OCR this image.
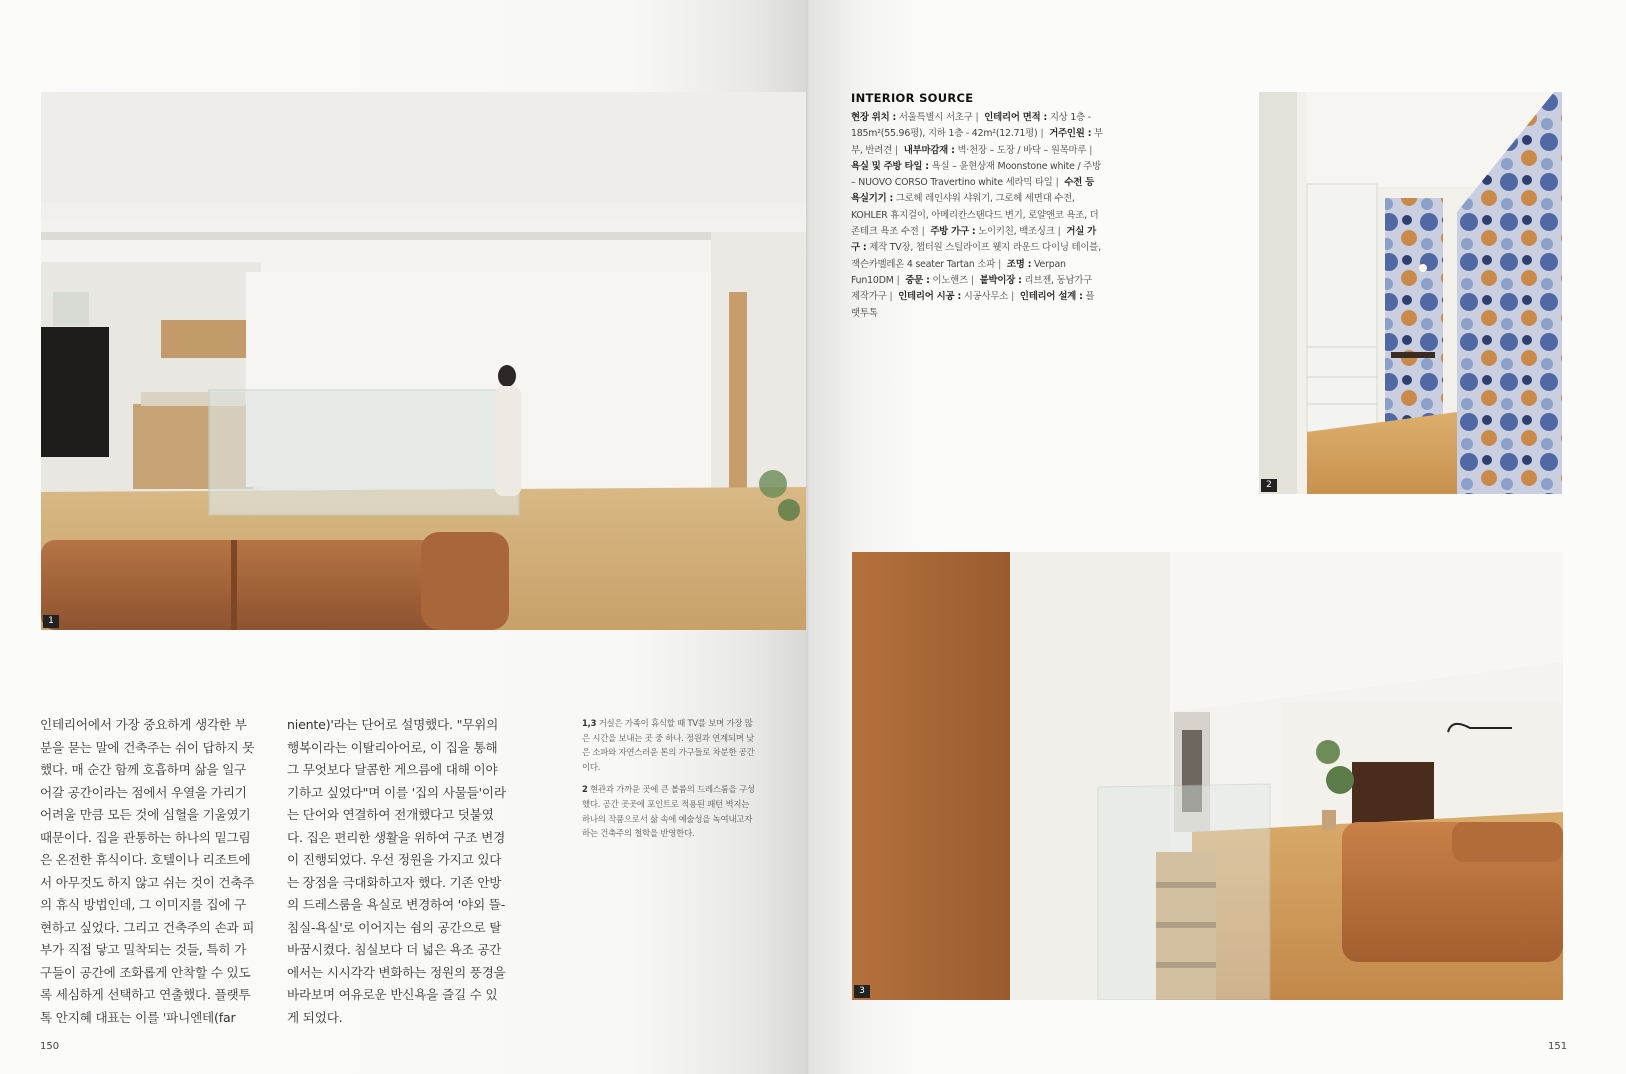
1

인테리어에서 가장 중요하게 생각한 부분을 묻는 말에 건축주는 쉬이 답하지 못했다. 매 순간 함께 호흡하며 삶을 일구어갈 공간이라는 점에서 우열을 가리기 어려울 만큼 모든 것에 심혈을 기울였기 때문이다. 집을 관통하는 하나의 밑그림은 온전한 휴식이다. 호텔이나 리조트에서 아무것도 하지 않고 쉬는 것이 건축주의 휴식 방법인데, 그 이미지를 집에 구현하고 싶었다. 그리고 건축주의 손과 피부가 직접 닿고 밀착되는 것들, 특히 가구들이 공간에 조화롭게 안착할 수 있도록 세심하게 선택하고 연출했다. 플랫투톡 안지혜 대표는 이를 '파니엔테(far

niente)'라는 단어로 설명했다. "무위의 행복이라는 이탈리아어로, 이 집을 통해 그 무엇보다 달콤한 게으름에 대해 이야기하고 싶었다"며 이를 '집의 사물들'이라는 단어와 연결하여 전개했다고 덧붙였다. 집은 편리한 생활을 위하여 구조 변경이 진행되었다. 우선 정원을 가지고 있다는 장점을 극대화하고자 했다. 기존 안방의 드레스룸을 욕실로 변경하여 '야외 뜰-침실-욕실'로 이어지는 쉼의 공간으로 탈바꿈시켰다. 침실보다 더 넓은 욕조 공간에서는 시시각각 변화하는 정원의 풍경을 바라보며 여유로운 반신욕을 즐길 수 있게 되었다.

1,3 거실은 가족이 휴식할 때 TV를 보며 가장 많은 시간을 보내는 곳 중 하나. 정원과 연계되며 낮은 소파와 자연스러운 톤의 가구들로 차분한 공간이다.

2 현관과 가까운 곳에 큰 볼륨의 드레스룸을 구성했다. 공간 곳곳에 포인트로 적용된 패턴 벽지는 하나의 작품으로서 삶 속에 예술성을 녹여내고자 하는 건축주의 철학을 반영한다.

150
INTERIOR SOURCE
현장 위치 : 서울특별시 서초구 | 인테리어 면적 : 지상 1층 - 185m²(55.96평), 지하 1층 - 42m²(12.71평) | 거주인원 : 부부, 반려견 | 내부마감재 : 벽·천장 – 도장 / 바닥 – 원목마루 | 욕실 및 주방 타일 : 욕실 – 윤현상재 Moonstone white / 주방 – NUOVO CORSO Travertino white 세라믹 타일 | 수전 등 욕실기기 : 그로헤 레인샤워 샤워기, 그로헤 세면대 수전, KOHLER 휴지걸이, 아메리칸스탠다드 변기, 로얄앤코 욕조, 더존테크 욕조 수전 | 주방 가구 : 노이키친, 백조싱크 | 거실 가구 : 제작 TV장, 챕터원 스틸라이프 웻지 라운드 다이닝 테이블, 잭슨카멜레온 4 seater Tartan 소파 | 조명 : Verpan Fun10DM | 중문 : 이노핸즈 | 붙박이장 : 리브젠, 동남가구 제작가구 | 인테리어 시공 : 시공사무소 | 인테리어 설계 : 플랫투톡
2
3
151
